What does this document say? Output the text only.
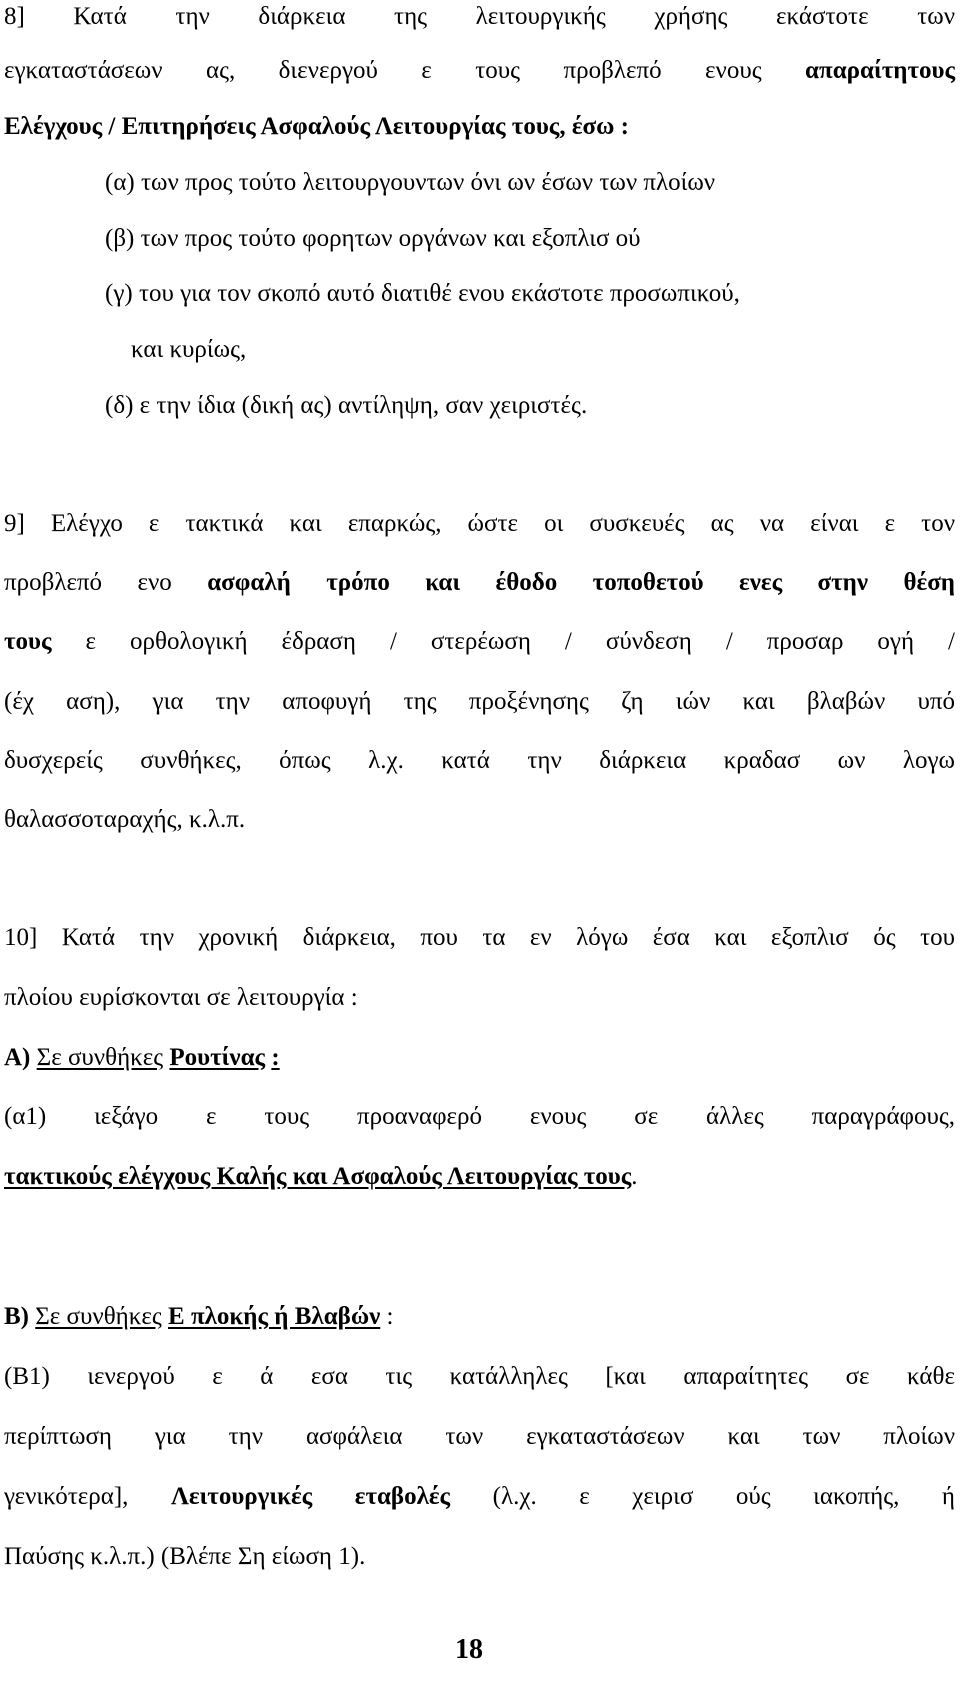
8] Κατά την διάρκεια της λειτουργικής χρήσης εκάστοτε των
εγκαταστάσεων ας, διενεργού ε τους προβλεπό ενους απαραίτητους
Ελέγχους / Επιτηρήσεις Ασφαλούς Λειτουργίας τους, έσω :
(α) των προς τούτο λειτουργουντων όνι ων έσων των πλοίων
(β) των προς τούτο φορητων οργάνων και εξοπλισ ού
(γ) του για τον σκοπό αυτό διατιθέ ενου εκάστοτε προσωπικού,
και κυρίως,
(δ) ε την ίδια (δική ας) αντίληψη, σαν χειριστές.
9] Ελέγχο ε τακτικά και επαρκώς, ώστε οι συσκευές ας να είναι ε τον
προβλεπό ενο ασφαλή τρόπο και έθοδο τοποθετού ενες στην θέση
τους ε ορθολογική έδραση / στερέωση / σύνδεση / προσαρ ογή /
(έχ αση), για την αποφυγή της προξένησης ζη ιών και βλαβών υπό
δυσχερείς συνθήκες, όπως λ.χ. κατά την διάρκεια κραδασ ων λογω
θαλασσοταραχής, κ.λ.π.
10] Κατά την χρονική διάρκεια, που τα εν λόγω έσα και εξοπλισ ός του
πλοίου ευρίσκονται σε λειτουργία :
Α) Σε συνθήκες Ρουτίνας :
(α1) ιεξάγο ε τους προαναφερό ενους σε άλλες παραγράφους,
τακτικούς ελέγχους Καλής και Ασφαλούς Λειτουργίας τους.
Β) Σε συνθήκες Ε πλοκής ή Βλαβών :
(Β1) ιενεργού ε ά εσα τις κατάλληλες [και απαραίτητες σε κάθε
περίπτωση για την ασφάλεια των εγκαταστάσεων και των πλοίων
γενικότερα], Λειτουργικές εταβολές (λ.χ. ε χειρισ ούς ιακοπής, ή
Παύσης κ.λ.π.) (Βλέπε Ση είωση 1).
18
